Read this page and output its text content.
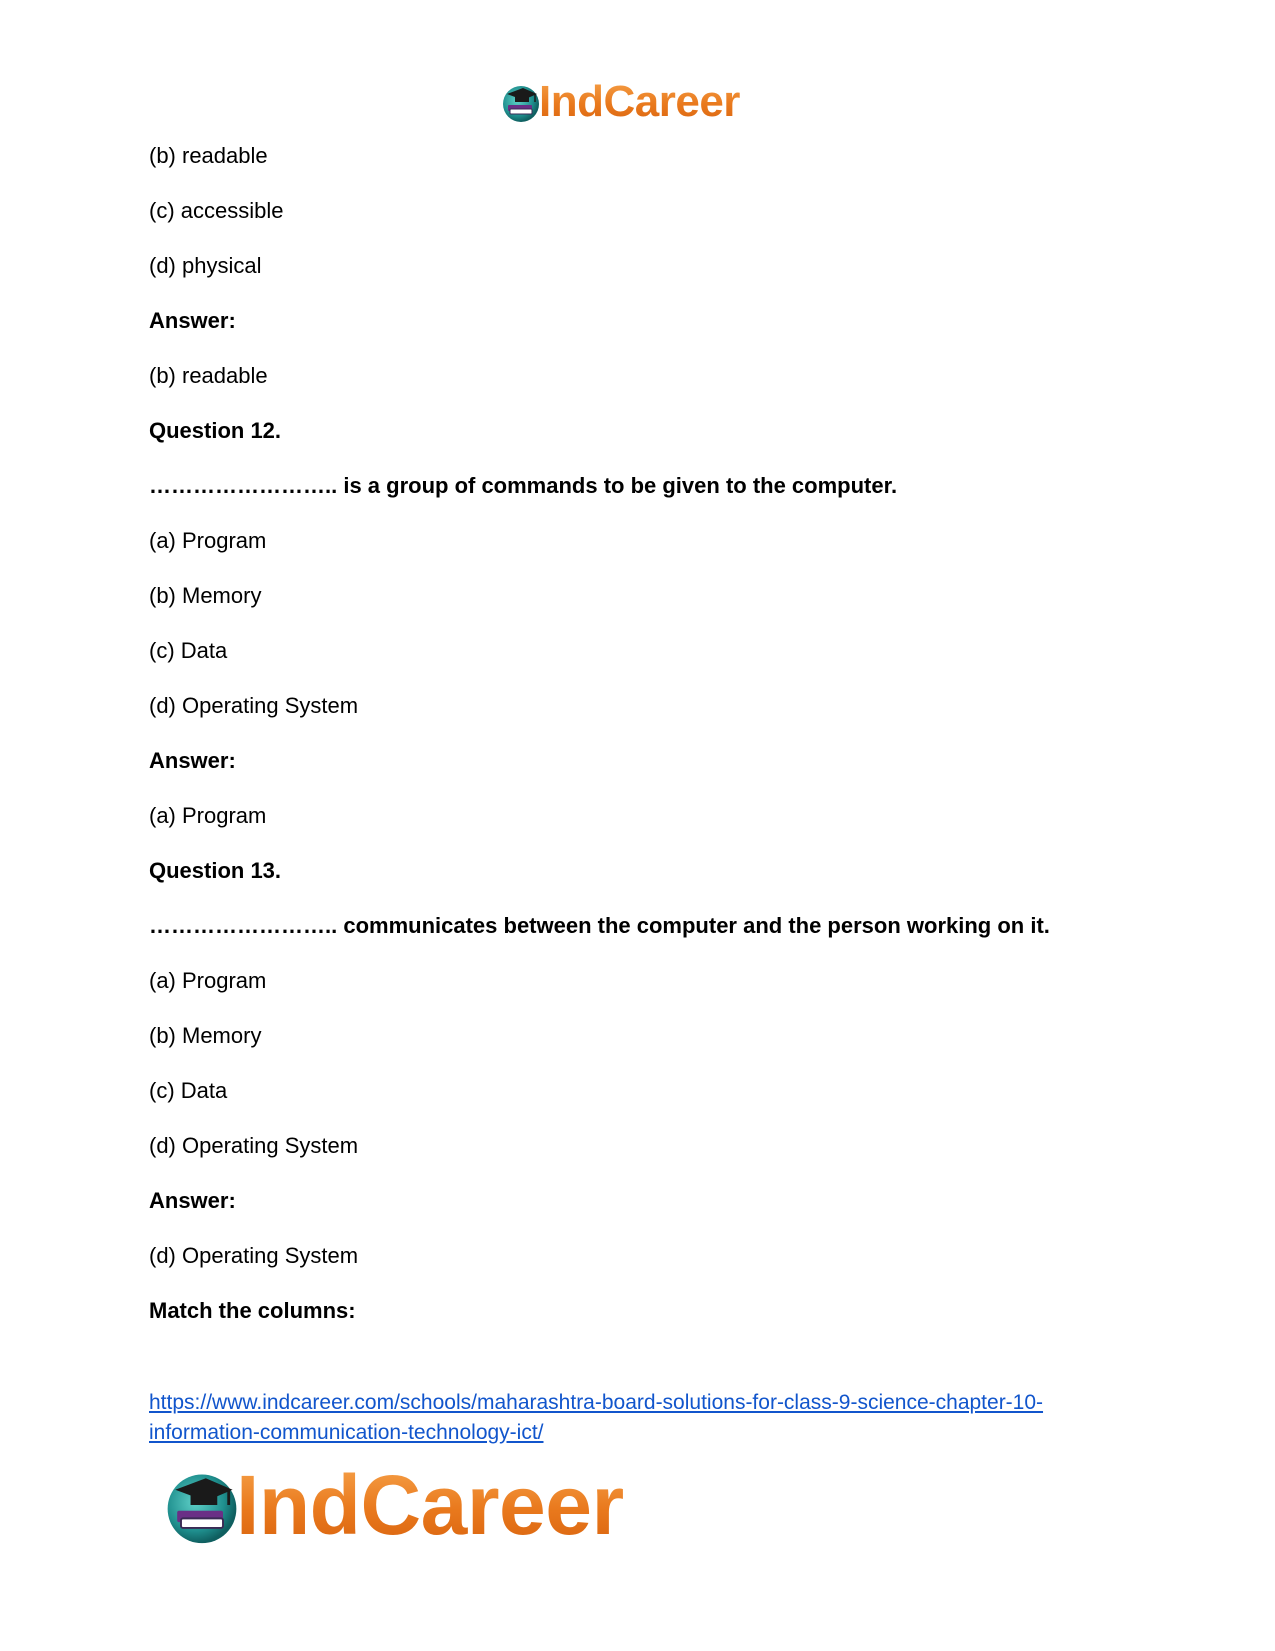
IndCareer
(b) readable
(c) accessible
(d) physical
Answer:
(b) readable
Question 12.
…………………….. is a group of commands to be given to the computer.
(a) Program
(b) Memory
(c) Data
(d) Operating System
Answer:
(a) Program
Question 13.
…………………….. communicates between the computer and the person working on it.
(a) Program
(b) Memory
(c) Data
(d) Operating System
Answer:
(d) Operating System
Match the columns:
https://www.indcareer.com/schools/maharashtra-board-solutions-for-class-9-science-chapter-10-
information-communication-technology-ict/
IndCareer
